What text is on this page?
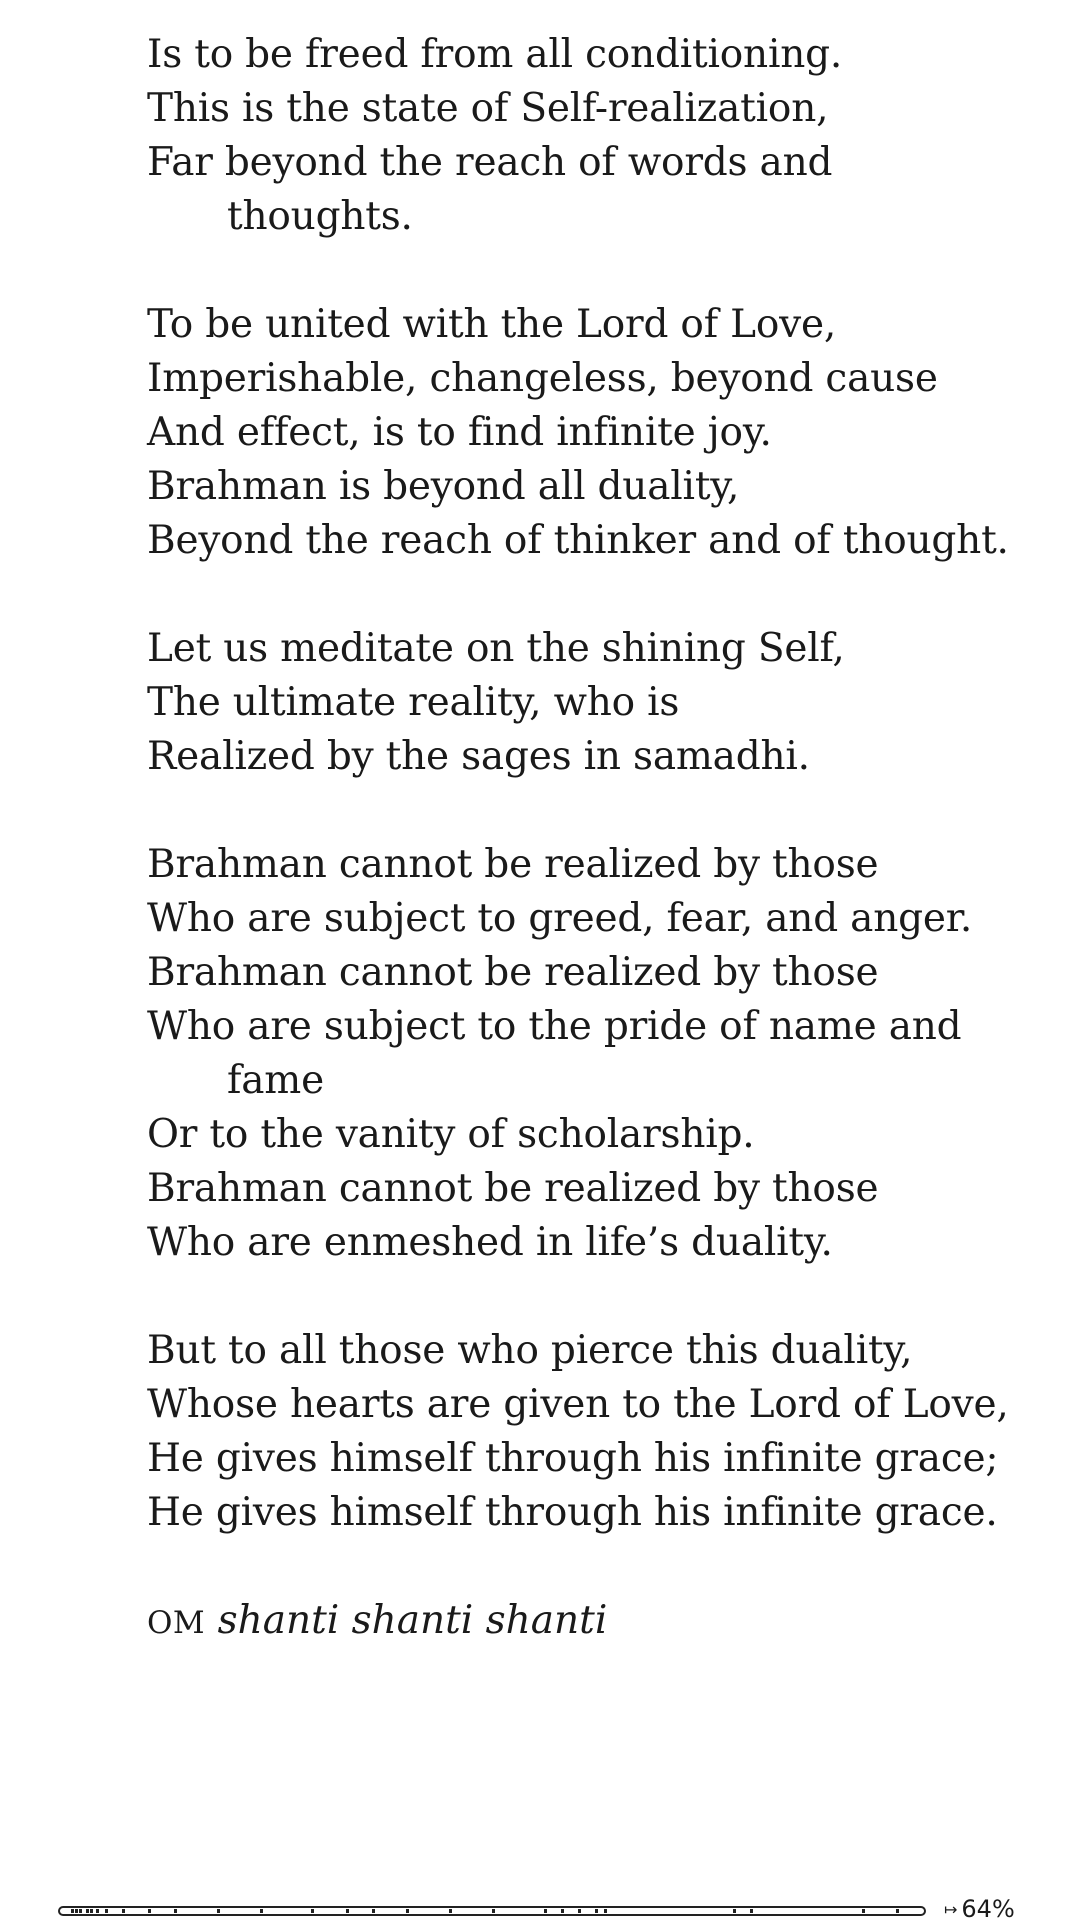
Is to be freed from all conditioning.
This is the state of Self-realization,
Far beyond the reach of words and
thoughts.
To be united with the Lord of Love,
Imperishable, changeless, beyond cause
And effect, is to find infinite joy.
Brahman is beyond all duality,
Beyond the reach of thinker and of thought.
Let us meditate on the shining Self,
The ultimate reality, who is
Realized by the sages in samadhi.
Brahman cannot be realized by those
Who are subject to greed, fear, and anger.
Brahman cannot be realized by those
Who are subject to the pride of name and
fame
Or to the vanity of scholarship.
Brahman cannot be realized by those
Who are enmeshed in life’s duality.
But to all those who pierce this duality,
Whose hearts are given to the Lord of Love,
He gives himself through his infinite grace;
He gives himself through his infinite grace.
OM shanti shanti shanti
↦ 64%
